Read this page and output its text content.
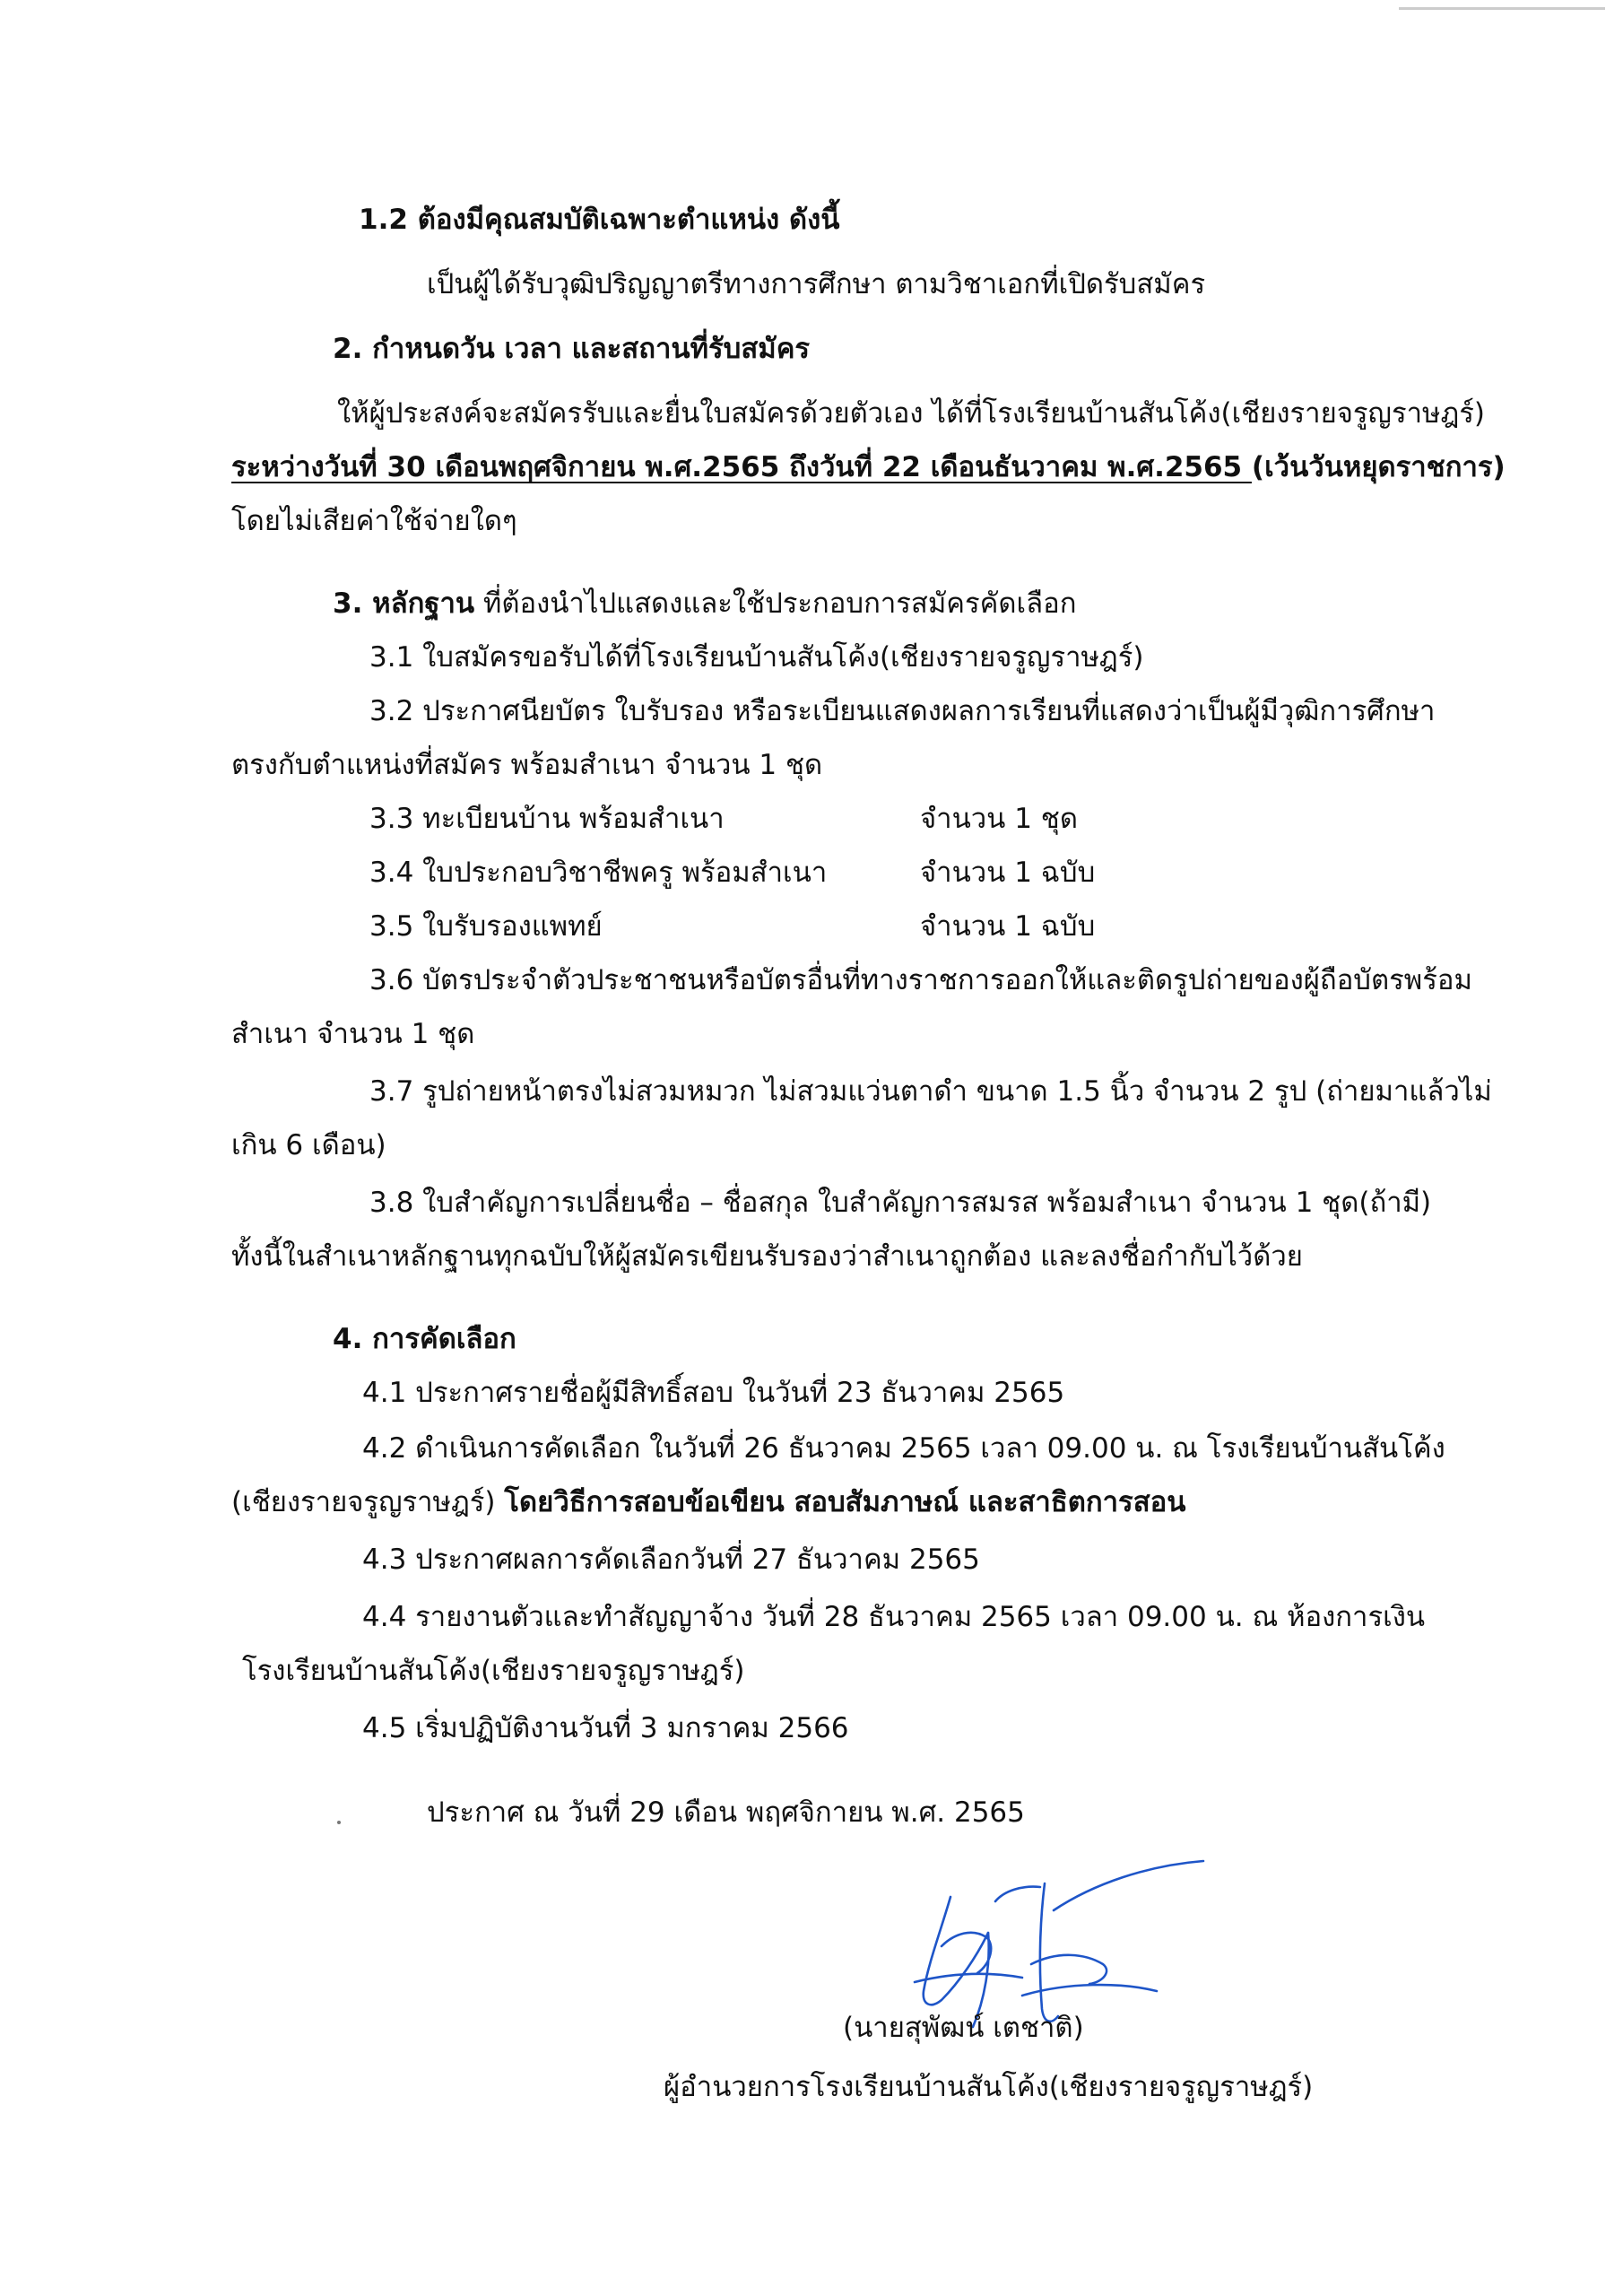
1.2 ต้องมีคุณสมบัติเฉพาะตำแหน่ง ดังนี้
เป็นผู้ได้รับวุฒิปริญญาตรีทางการศึกษา ตามวิชาเอกที่เปิดรับสมัคร
2. กำหนดวัน เวลา และสถานที่รับสมัคร
ให้ผู้ประสงค์จะสมัครรับและยื่นใบสมัครด้วยตัวเอง ได้ที่โรงเรียนบ้านสันโค้ง(เชียงรายจรูญราษฎร์)
ระหว่างวันที่ 30 เดือนพฤศจิกายน พ.ศ.2565 ถึงวันที่ 22 เดือนธันวาคม พ.ศ.2565 (เว้นวันหยุดราชการ)
โดยไม่เสียค่าใช้จ่ายใดๆ
3. หลักฐาน ที่ต้องนำไปแสดงและใช้ประกอบการสมัครคัดเลือก
3.1 ใบสมัครขอรับได้ที่โรงเรียนบ้านสันโค้ง(เชียงรายจรูญราษฎร์)
3.2 ประกาศนียบัตร ใบรับรอง หรือระเบียนแสดงผลการเรียนที่แสดงว่าเป็นผู้มีวุฒิการศึกษา
ตรงกับตำแหน่งที่สมัคร พร้อมสำเนา จำนวน 1 ชุด
3.3 ทะเบียนบ้าน พร้อมสำเนา	จำนวน 1 ชุด
3.4 ใบประกอบวิชาชีพครู พร้อมสำเนา	จำนวน 1 ฉบับ
3.5 ใบรับรองแพทย์	จำนวน 1 ฉบับ
3.6 บัตรประจำตัวประชาชนหรือบัตรอื่นที่ทางราชการออกให้และติดรูปถ่ายของผู้ถือบัตรพร้อม
สำเนา จำนวน 1 ชุด
3.7 รูปถ่ายหน้าตรงไม่สวมหมวก ไม่สวมแว่นตาดำ ขนาด 1.5 นิ้ว จำนวน 2 รูป (ถ่ายมาแล้วไม่
เกิน 6 เดือน)
3.8 ใบสำคัญการเปลี่ยนชื่อ – ชื่อสกุล ใบสำคัญการสมรส พร้อมสำเนา จำนวน 1 ชุด(ถ้ามี)
ทั้งนี้ในสำเนาหลักฐานทุกฉบับให้ผู้สมัครเขียนรับรองว่าสำเนาถูกต้อง และลงชื่อกำกับไว้ด้วย
4. การคัดเลือก
4.1 ประกาศรายชื่อผู้มีสิทธิ์สอบ ในวันที่ 23 ธันวาคม 2565
4.2 ดำเนินการคัดเลือก ในวันที่ 26 ธันวาคม 2565 เวลา 09.00 น. ณ โรงเรียนบ้านสันโค้ง
(เชียงรายจรูญราษฎร์) โดยวิธีการสอบข้อเขียน สอบสัมภาษณ์ และสาธิตการสอน
4.3 ประกาศผลการคัดเลือกวันที่ 27 ธันวาคม 2565
4.4 รายงานตัวและทำสัญญาจ้าง วันที่ 28 ธันวาคม 2565 เวลา 09.00 น. ณ ห้องการเงิน
โรงเรียนบ้านสันโค้ง(เชียงรายจรูญราษฎร์)
4.5 เริ่มปฏิบัติงานวันที่ 3 มกราคม 2566
ประกาศ ณ วันที่ 29 เดือน พฤศจิกายน พ.ศ. 2565
(นายสุพัฒน์ เตชาติ)
ผู้อำนวยการโรงเรียนบ้านสันโค้ง(เชียงรายจรูญราษฎร์)
